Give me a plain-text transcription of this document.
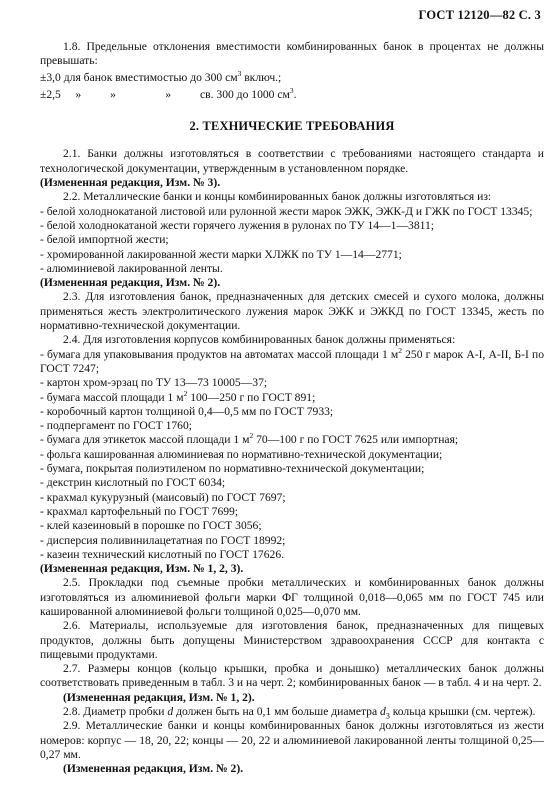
ГОСТ 12120—82 С. 3

1.8. Предельные отклонения вместимости комбинированных банок в процентах не должны превышать:

±3,0 для банок вместимостью до 300 $см^3$ включ.;

±2,5     »          »                 »          св. 300 до 1000 $см^3$.

2. ТЕХНИЧЕСКИЕ ТРЕБОВАНИЯ

2.1. Банки должны изготовляться в соответствии с требованиями настоящего стандарта и технологической документации, утвержденным в установленном порядке.

(Измененная редакция, Изм. № 3).

2.2. Металлические банки и концы комбинированных банок должны изготовляться из:

- белой холоднокатаной листовой или рулонной жести марок ЭЖК, ЭЖК-Д и ГЖК по ГОСТ 13345;

- белой холоднокатаной жести горячего лужения в рулонах по ТУ 14—1—3811;

- белой импортной жести;

- хромированной лакированной жести марки ХЛЖК по ТУ 1—14—2771;

- алюминиевой лакированной ленты.

(Измененная редакция, Изм. № 2).

2.3. Для изготовления банок, предназначенных для детских смесей и сухого молока, должны применяться жесть электролитического лужения марок ЭЖК и ЭЖКД по ГОСТ 13345, жесть по нормативно-технической документации.

2.4. Для изготовления корпусов комбинированных банок должны применяться:

- бумага для упаковывания продуктов на автоматах массой площади 1 $м^2$ 250 г марок А-I, А-II, Б-I по ГОСТ 7247;

- картон хром-эрзац по ТУ 13—73 10005—37;

- бумага массой площади 1 $м^2$ 100—250 г по ГОСТ 891;

- коробочный картон толщиной 0,4—0,5 мм по ГОСТ 7933;

- подпергамент по ГОСТ 1760;

- бумага для этикеток массой площади 1 $м^2$ 70—100 г по ГОСТ 7625 или импортная;

- фольга кашированная алюминиевая по нормативно-технической документации;

- бумага, покрытая полиэтиленом по нормативно-технической документации;

- декстрин кислотный по ГОСТ 6034;

- крахмал кукурузный (маисовый) по ГОСТ 7697;

- крахмал картофельный по ГОСТ 7699;

- клей казеиновый в порошке по ГОСТ 3056;

- дисперсия поливинилацетатная по ГОСТ 18992;

- казеин технический кислотный по ГОСТ 17626.

(Измененная редакция, Изм. № 1, 2, 3).

2.5. Прокладки под съемные пробки металлических и комбинированных банок должны изготовляться из алюминиевой фольги марки ФГ толщиной 0,018—0,065 мм по ГОСТ 745 или кашированной алюминиевой фольги толщиной 0,025—0,070 мм.

2.6. Материалы, используемые для изготовления банок, предназначенных для пищевых продуктов, должны быть допущены Министерством здравоохранения СССР для контакта с пищевыми продуктами.

2.7. Размеры концов (кольцо крышки, пробка и донышко) металлических банок должны соответствовать приведенным в табл. 3 и на черт. 2; комбинированных банок — в табл. 4 и на черт. 2.

(Измененная редакция, Изм. № 1, 2).

2.8. Диаметр пробки d должен быть на 0,1 мм больше диаметра $d_3$ кольца крышки (см. чертеж).

2.9. Металлические банки и концы комбинированных банок должны изготовляться из жести номеров: корпус — 18, 20, 22; концы — 20, 22 и алюминиевой лакированной ленты толщиной 0,25—0,27 мм.

(Измененная редакция, Изм. № 2).
